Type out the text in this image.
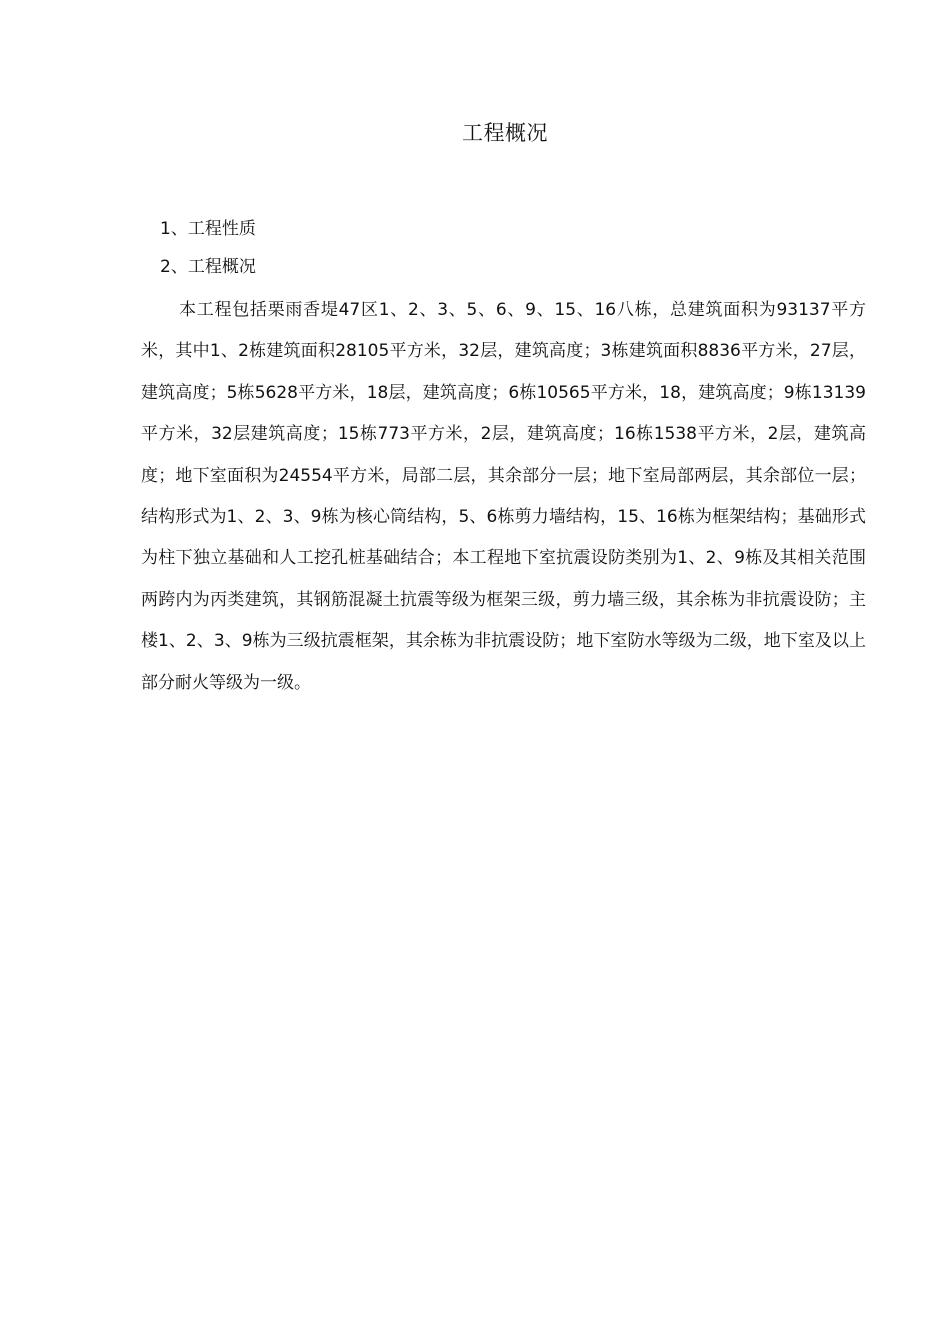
工程概况
1、工程性质
2、工程概况

本工程包括栗雨香堤47区1、2、3、5、6、9、15、16八栋，总建筑面积为93137平方米，其中1、2栋建筑面积28105平方米，32层，建筑高度；3栋建筑面积8836平方米，27层，建筑高度；5栋5628平方米，18层，建筑高度；6栋10565平方米，18，建筑高度；9栋13139平方米，32层建筑高度；15栋773平方米，2层，建筑高度；16栋1538平方米，2层，建筑高度；地下室面积为24554平方米，局部二层，其余部分一层；地下室局部两层，其余部位一层；结构形式为1、2、3、9栋为核心筒结构，5、6栋剪力墙结构，15、16栋为框架结构；基础形式为柱下独立基础和人工挖孔桩基础结合；本工程地下室抗震设防类别为1、2、9栋及其相关范围两跨内为丙类建筑，其钢筋混凝土抗震等级为框架三级，剪力墙三级，其余栋为非抗震设防；主楼1、2、3、9栋为三级抗震框架，其余栋为非抗震设防；地下室防水等级为二级，地下室及以上部分耐火等级为一级。
